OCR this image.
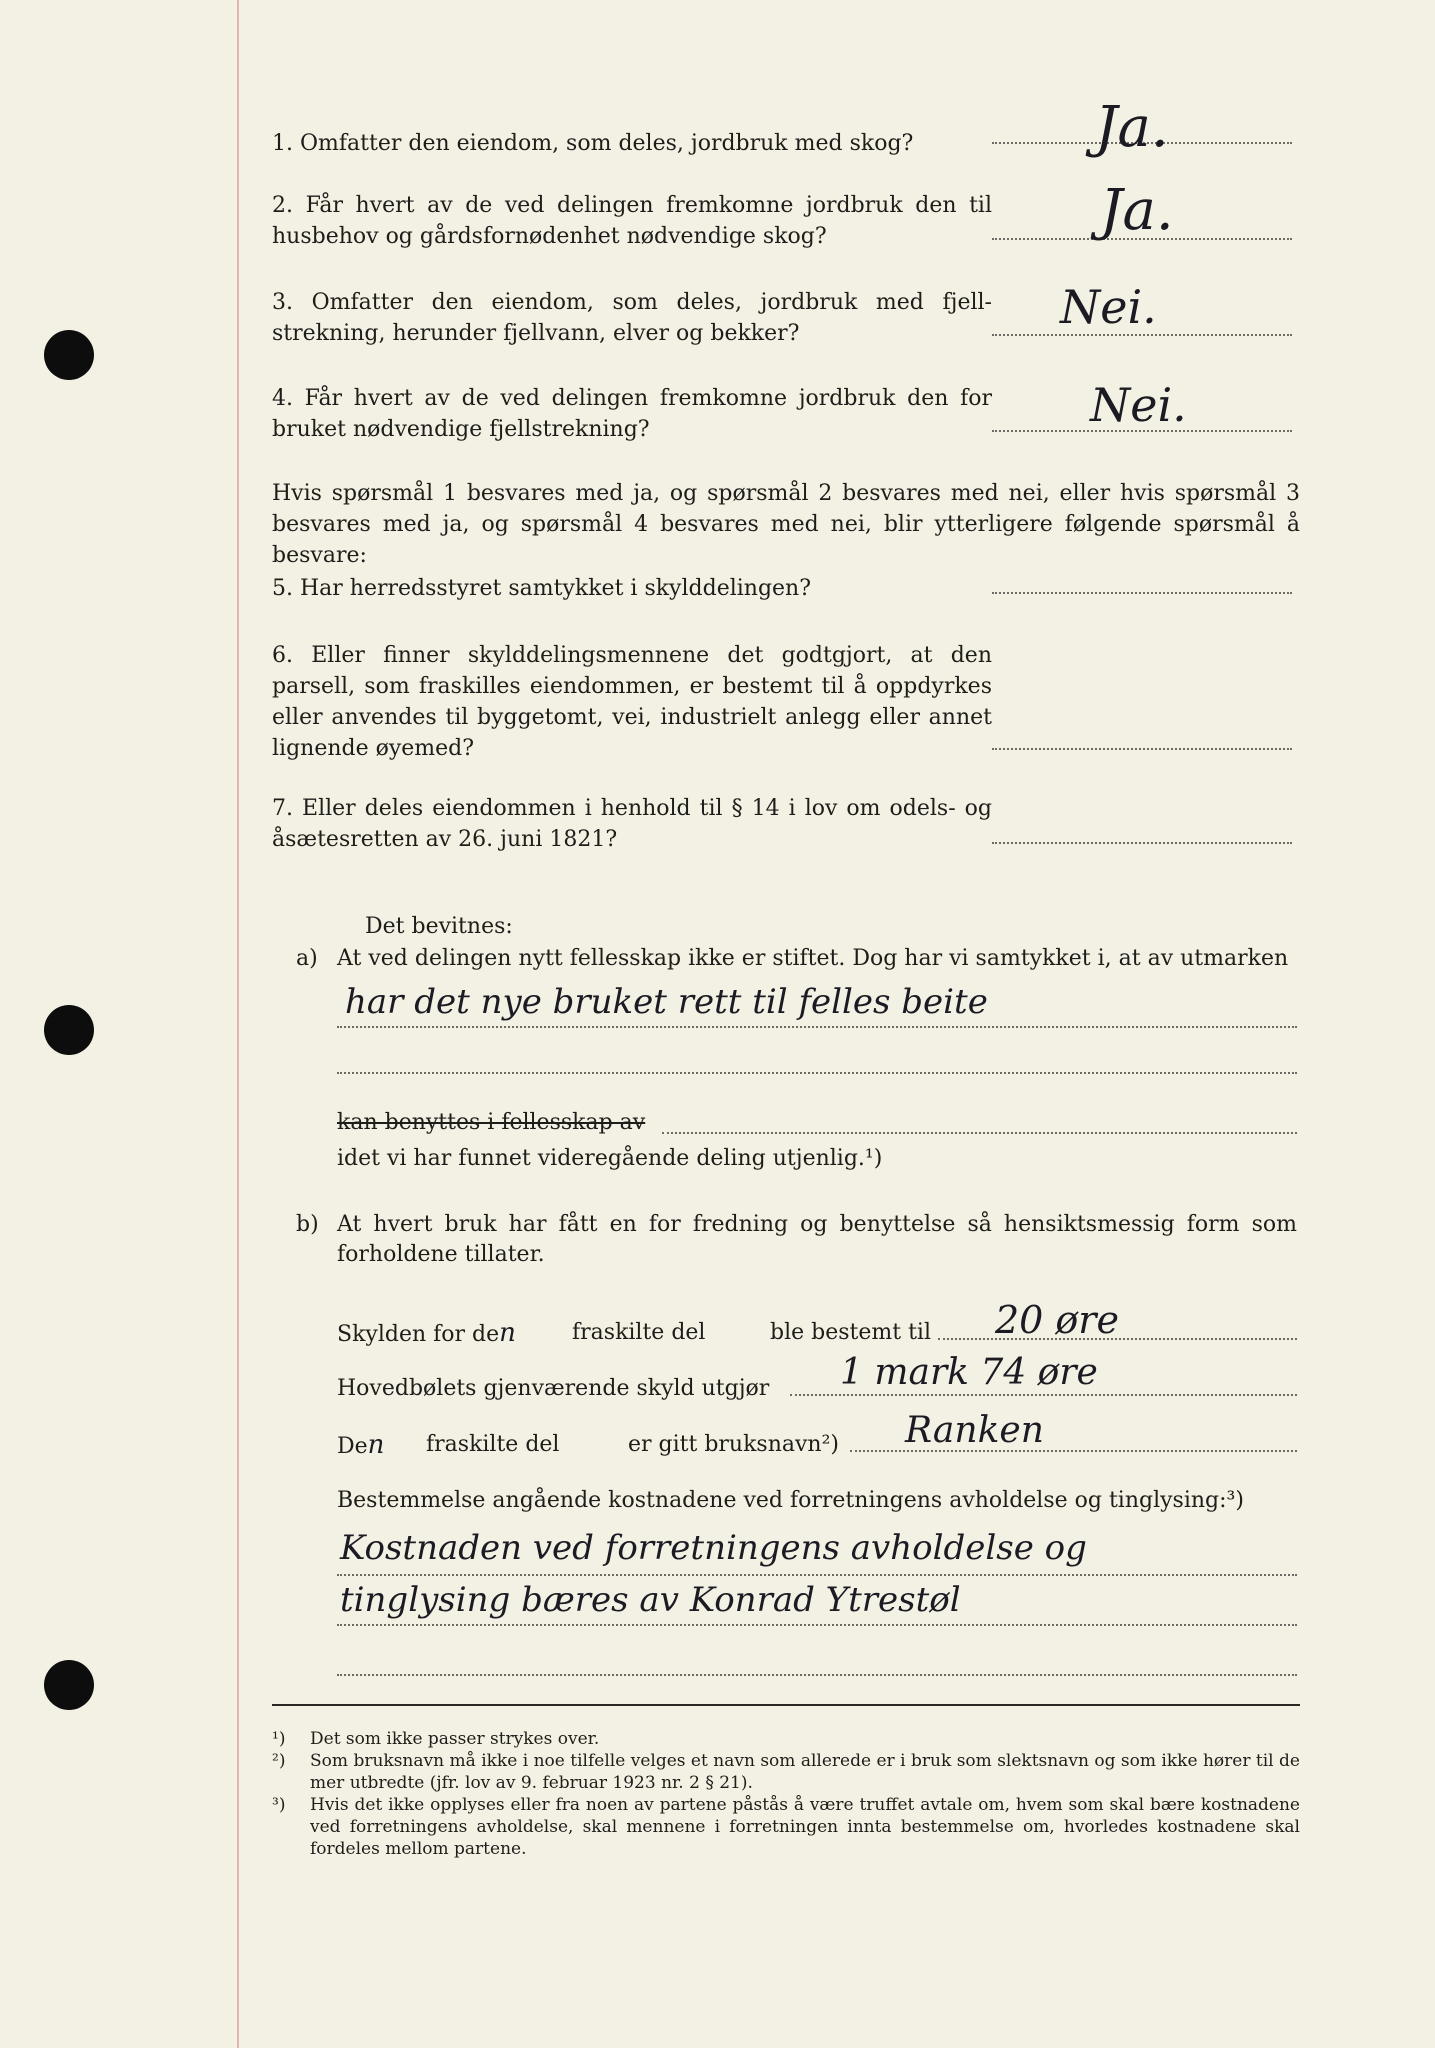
1. Omfatter den eiendom, som deles, jordbruk med skog?	Ja.

2. Får hvert av de ved delingen fremkomne jordbruk den til husbehov og gårdsfornødenhet nødvendige skog?	Ja.

3. Omfatter den eiendom, som deles, jordbruk med fjell- strekning, herunder fjellvann, elver og bekker?	Nei.

4. Får hvert av de ved delingen fremkomne jordbruk den for bruket nødvendige fjellstrekning?	Nei.

Hvis spørsmål 1 besvares med ja, og spørsmål 2 besvares med nei, eller hvis spørsmål 3 besvares med ja, og spørsmål 4 besvares med nei, blir ytterligere følgende spørsmål å besvare:

5. Har herredsstyret samtykket i skylddelingen?

6. Eller finner skylddelingsmennene det godtgjort, at den parsell, som fraskilles eiendommen, er bestemt til å oppdyrkes eller anvendes til byggetomt, vei, industrielt anlegg eller annet lignende øyemed?

7. Eller deles eiendommen i henhold til § 14 i lov om odels- og åsætesretten av 26. juni 1821?

Det bevitnes:
a) At ved delingen nytt fellesskap ikke er stiftet. Dog har vi samtykket i, at av utmarken
har det nye bruket rett til felles beite
kan benyttes i fellesskap av
idet vi har funnet videregående deling utjenlig.¹)
b) At hvert bruk har fått en for fredning og benyttelse så hensiktsmessig form som forholdene tillater.
Skylden for den	fraskilte del	ble bestemt til 20 øre
Hovedbølets gjenværende skyld utgjør 1 mark 74 øre
Den fraskilte del	er gitt bruksnavn²) Ranken
Bestemmelse angående kostnadene ved forretningens avholdelse og tinglysing:³)
Kostnaden ved forretningens avholdelse og
tinglysing bæres av Konrad Ytrestøl
¹)	Det som ikke passer strykes over.
²)	Som bruksnavn må ikke i noe tilfelle velges et navn som allerede er i bruk som slektsnavn og som ikke hører til de mer utbredte (jfr. lov av 9. februar 1923 nr. 2 § 21).
³)	Hvis det ikke opplyses eller fra noen av partene påstås å være truffet avtale om, hvem som skal bære kostnadene ved forretningens avholdelse, skal mennene i forretningen innta bestemmelse om, hvorledes kostnadene skal fordeles mellom partene.
